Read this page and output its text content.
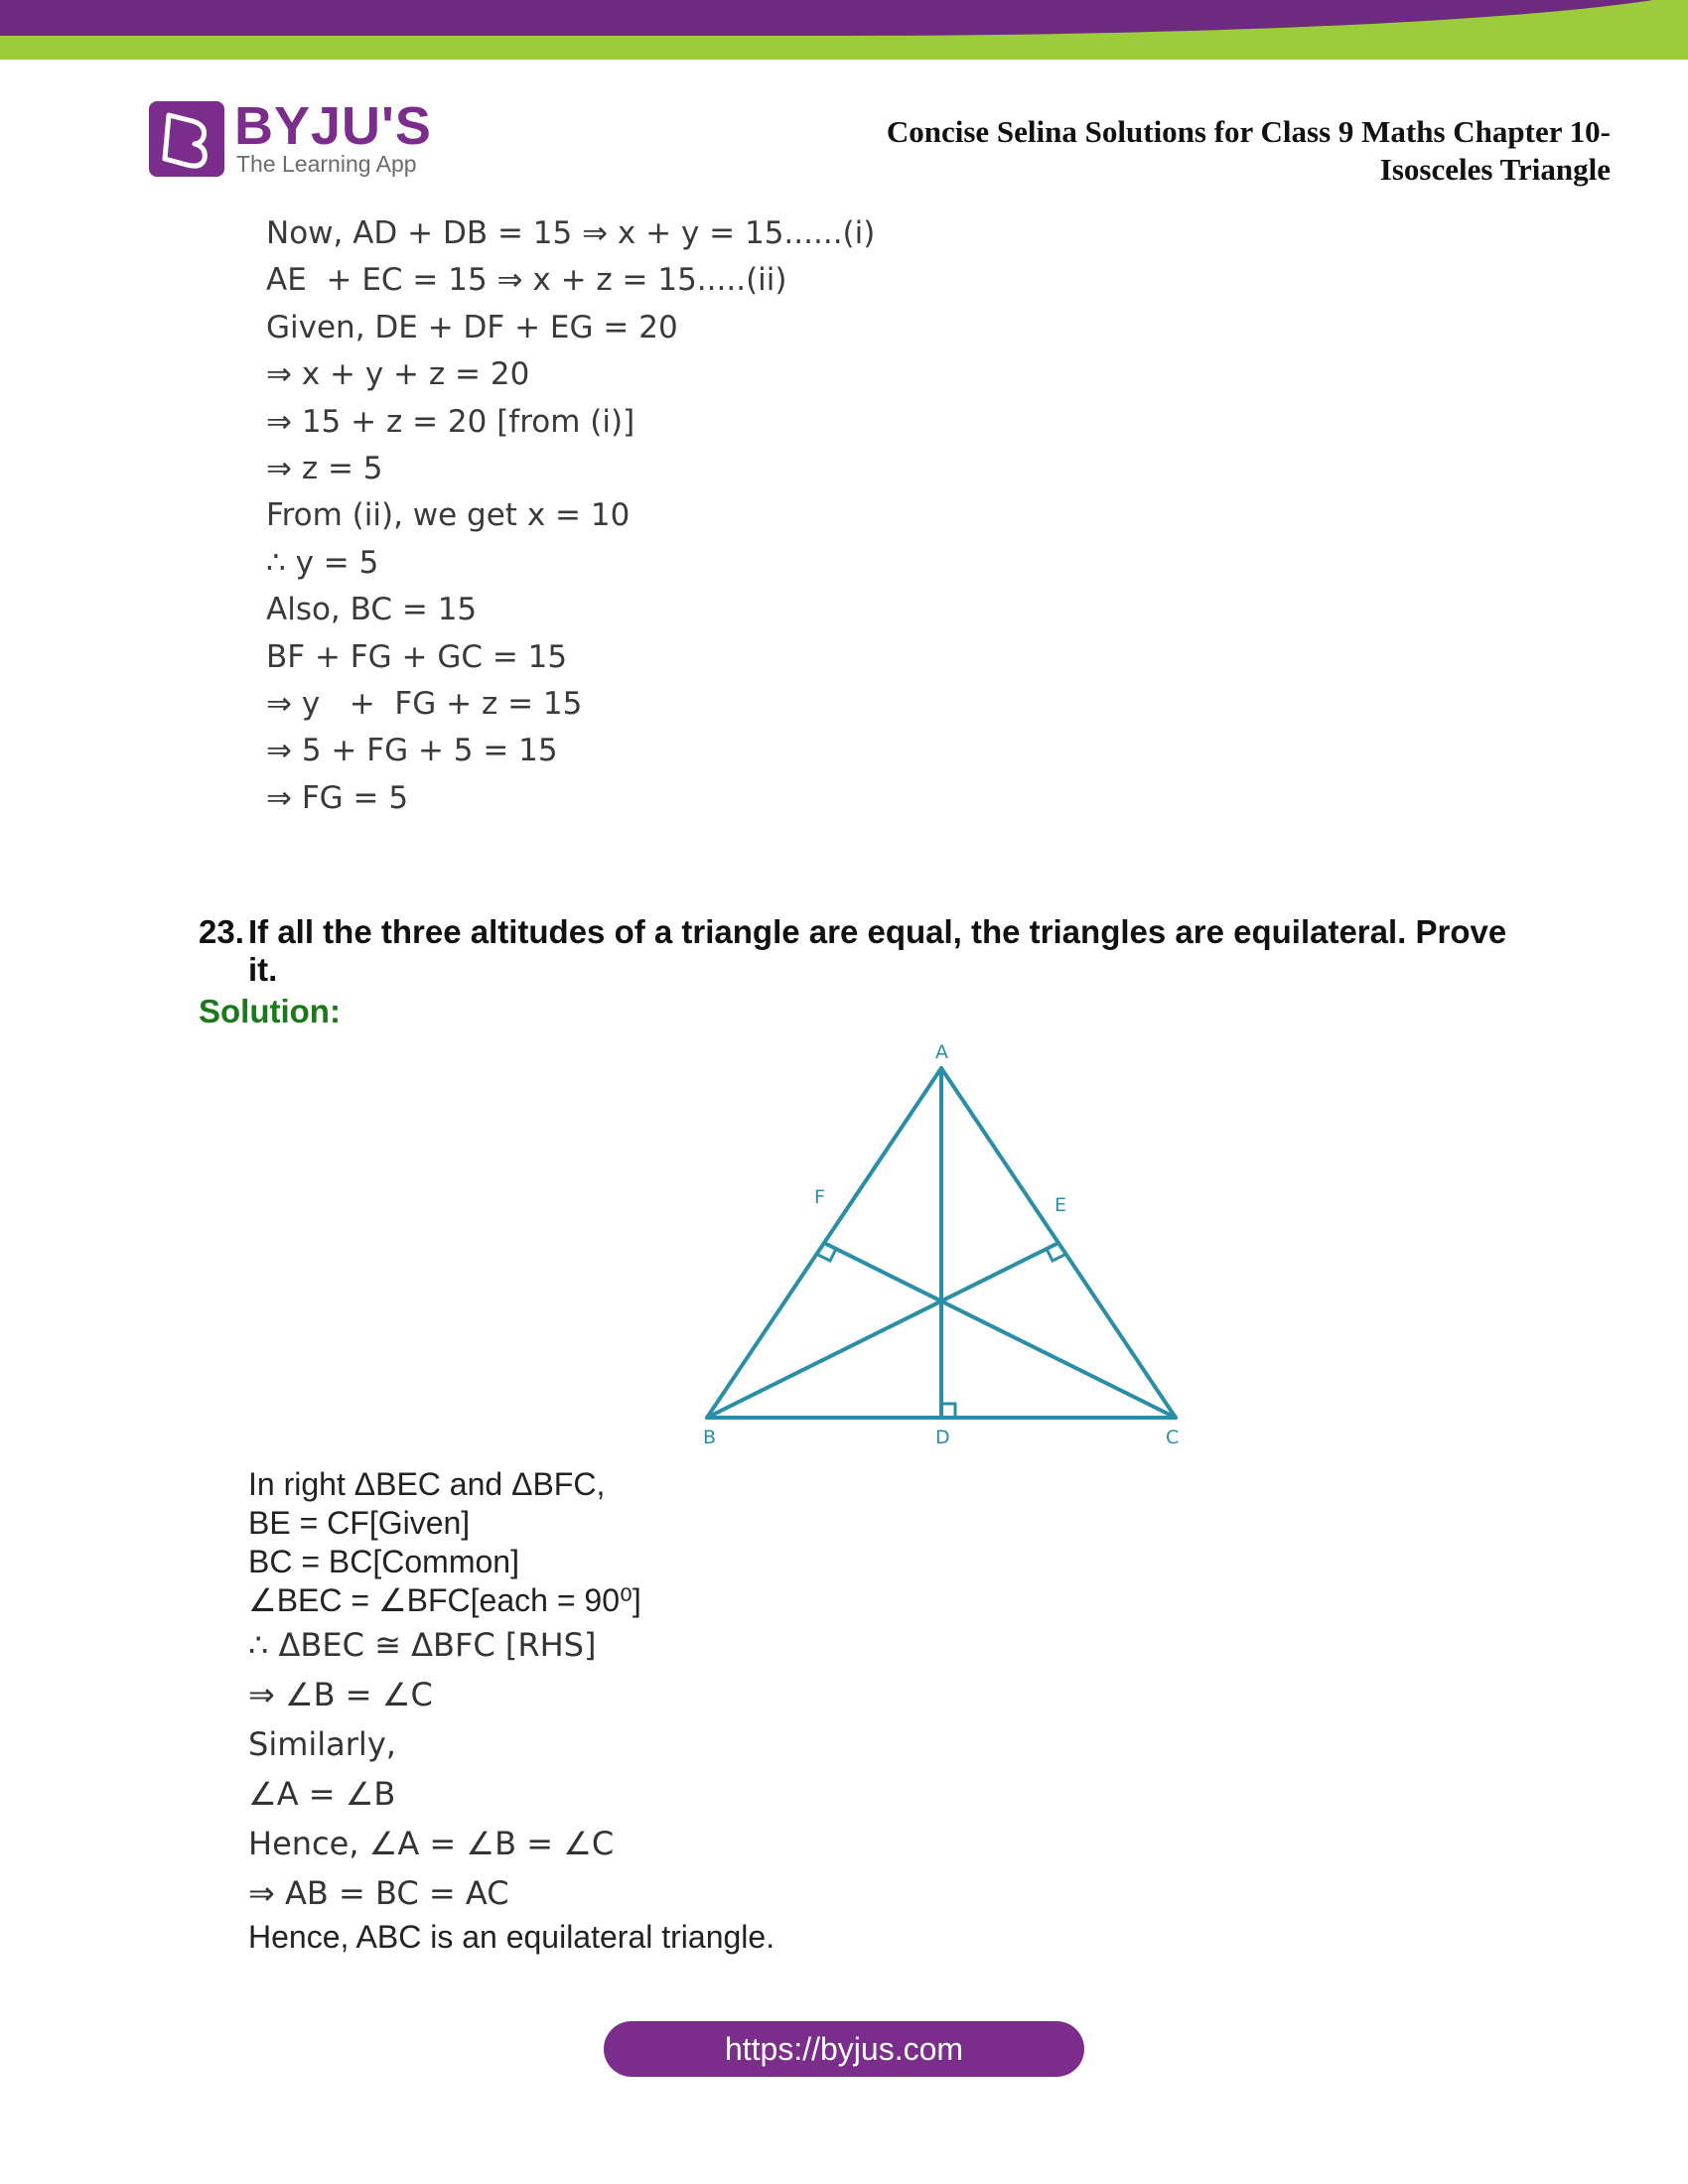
BYJU'S
The Learning App
Concise Selina Solutions for Class 9 Maths Chapter 10-
Isosceles Triangle
Now, AD + DB = 15 ⇒ x + y = 15......(i)
AE  + EC = 15 ⇒ x + z = 15.....(ii)
Given, DE + DF + EG = 20
⇒ x + y + z = 20
⇒ 15 + z = 20 [from (i)]
⇒ z = 5
From (ii), we get x = 10
∴ y = 5
Also, BC = 15
BF + FG + GC = 15
⇒ y   +  FG + z = 15
⇒ 5 + FG + 5 = 15
⇒ FG = 5
23. If all the three altitudes of a triangle are equal, the triangles are equilateral. Prove it.
Solution:
A
B	C
D
E
F
In right ΔBEC and ΔBFC,
BE = CF[Given]
BC = BC[Common]
∠BEC = ∠BFC[each = 90⁰]
∴ ΔBEC ≅ ΔBFC [RHS]
⇒ ∠B = ∠C
Similarly,
∠A = ∠B
Hence, ∠A = ∠B = ∠C
⇒ AB = BC = AC
Hence, ABC is an equilateral triangle.
https://byjus.com
